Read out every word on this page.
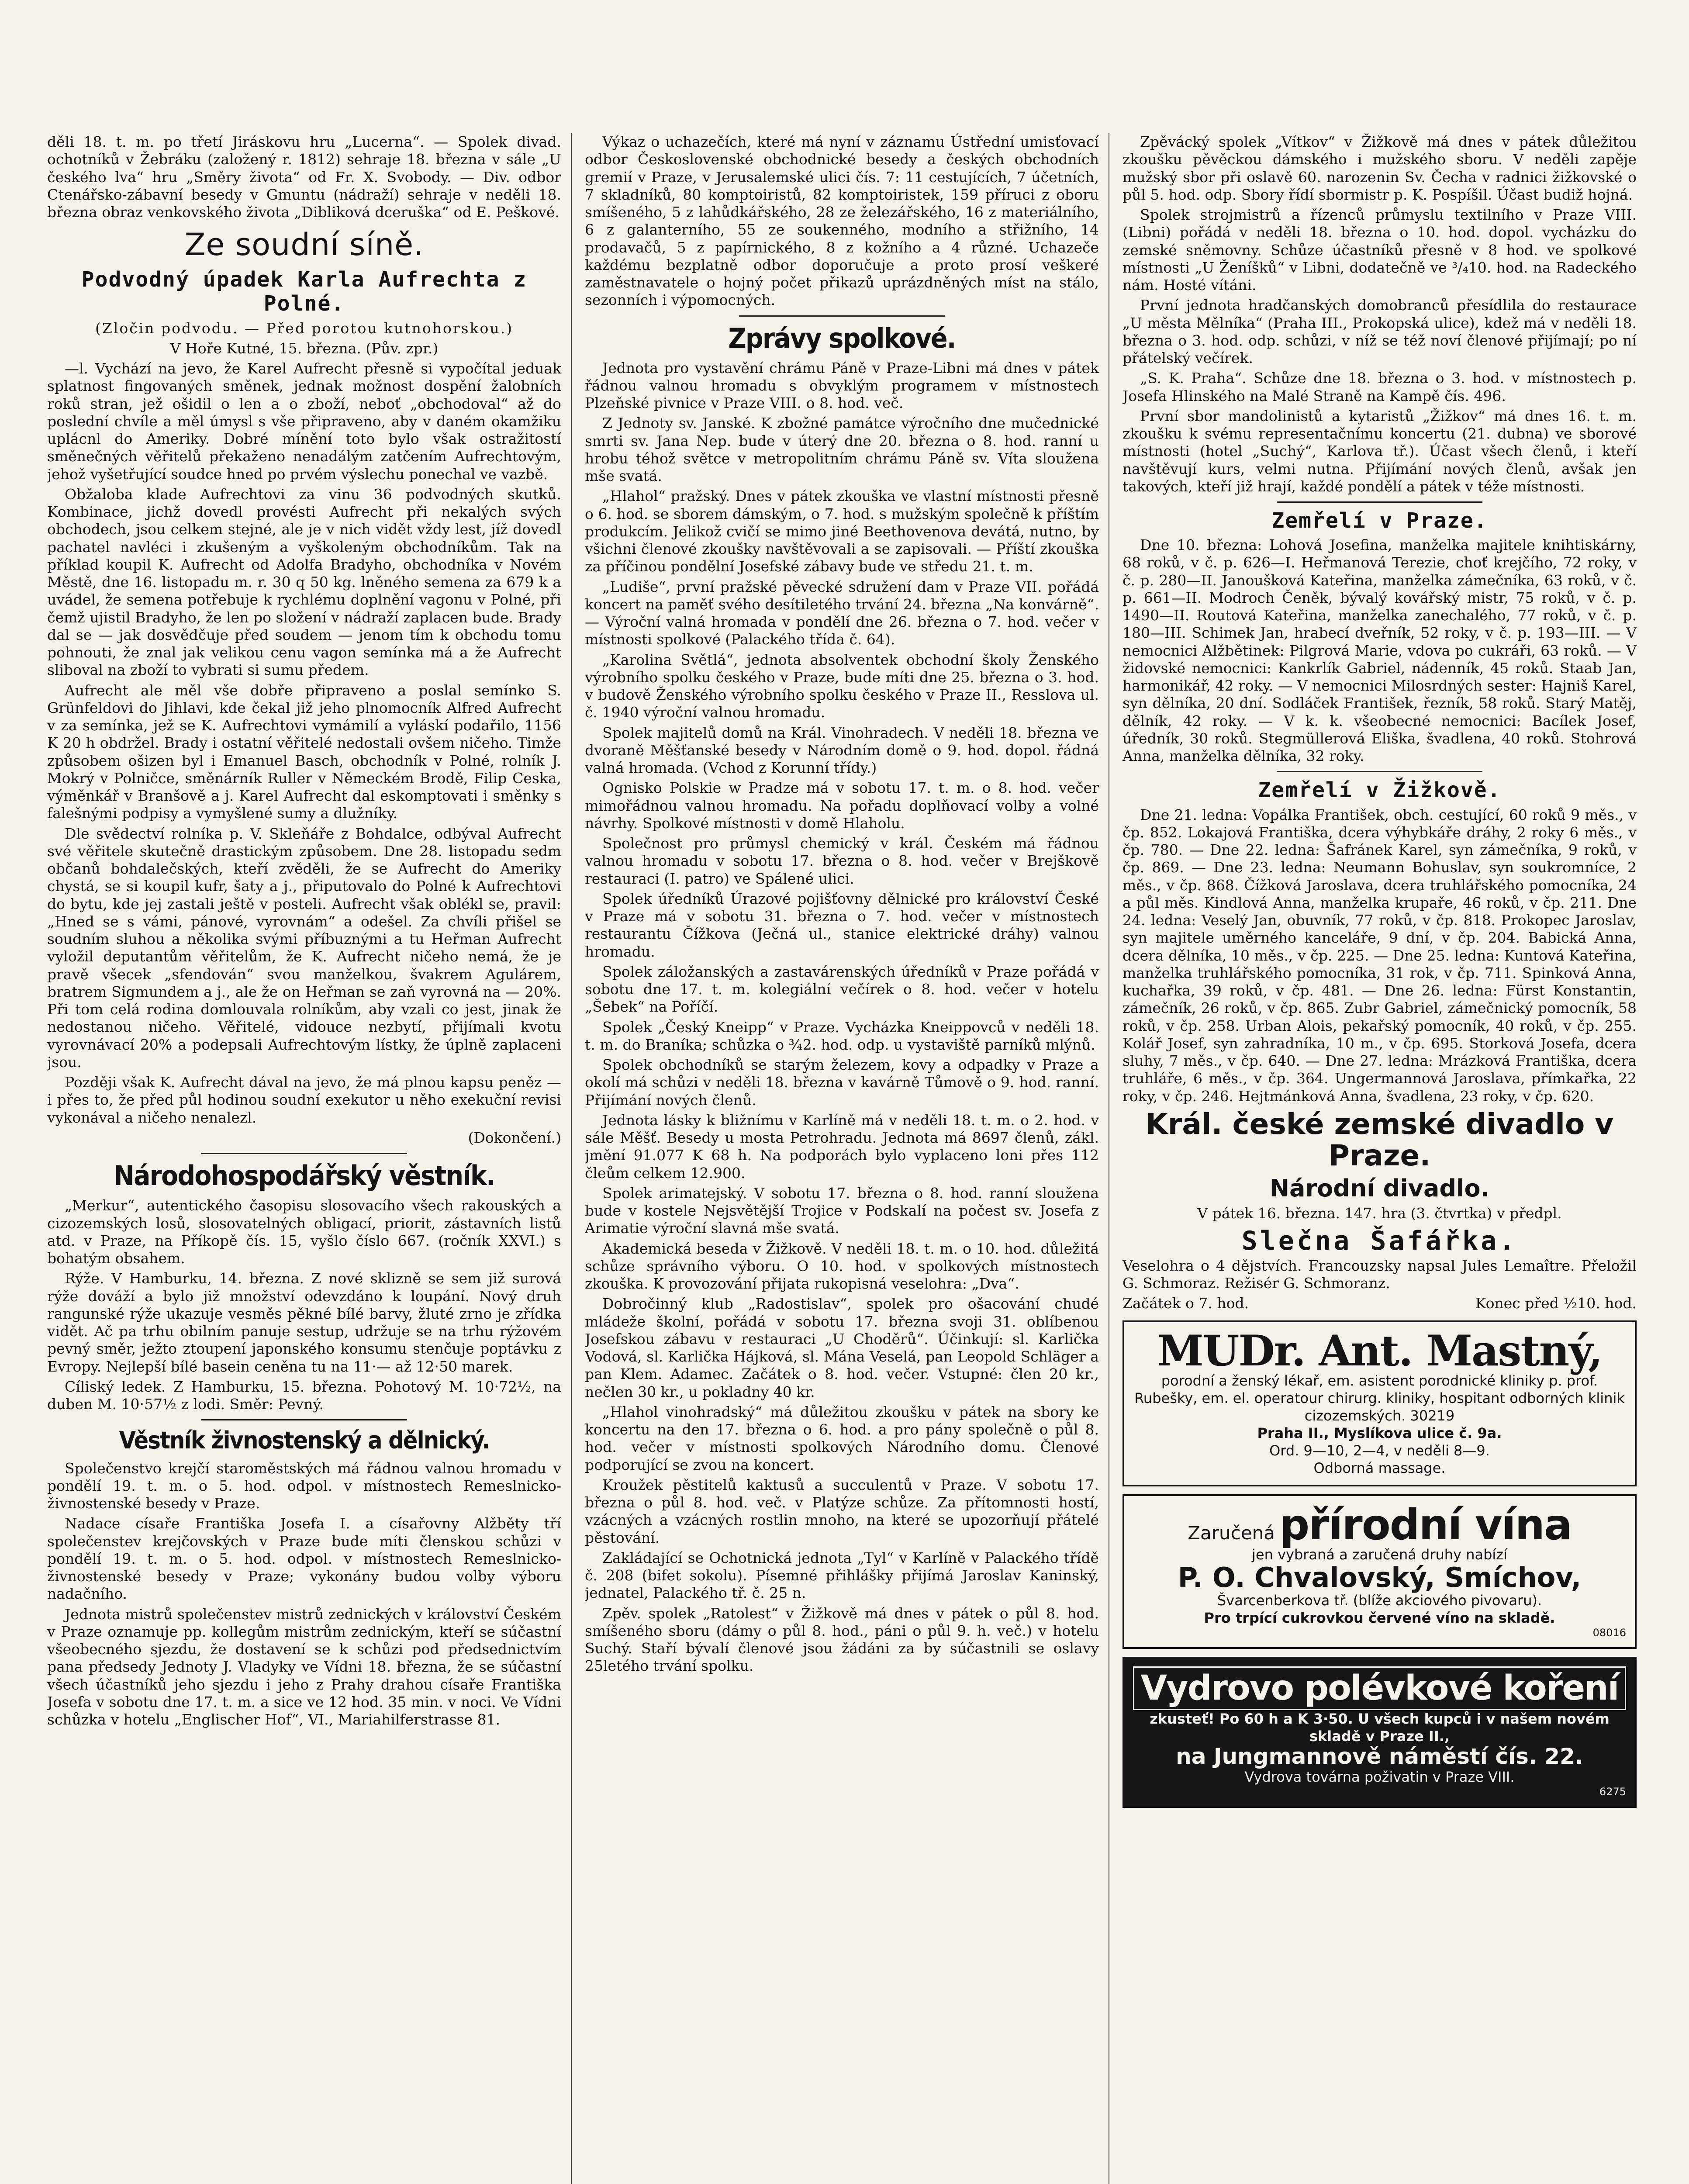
děli 18. t. m. po třetí Jiráskovu hru „Lucerna“. — Spolek divad. ochotníků v Žebráku (založený r. 1812) sehraje 18. března v sále „U českého lva“ hru „Směry života“ od Fr. X. Svobody. — Div. odbor Ctenářsko-zábavní besedy v Gmuntu (nádraží) sehraje v neděli 18. března obraz venkovského života „Dibliková dceruška“ od E. Peškové.

Ze soudní síně.
Podvodný úpadek Karla Aufrechta z Polné.

(Zločin podvodu. — Před porotou kutnohorskou.)

V Hoře Kutné, 15. března. (Pův. zpr.)

—l. Vychází na jevo, že Karel Aufrecht přesně si vypočítal jeduak splatnost fingovaných směnek, jednak možnost dospění žalobních roků stran, jež ošidil o len a o zboží, neboť „obchodoval“ až do poslední chvíle a měl úmysl s vše připraveno, aby v daném okamžiku uplácnl do Ameriky. Dobré mínění toto bylo však ostražitostí směnečných věřitelů překaženo nenadálým zatčením Aufrechtovým, jehož vyšetřující soudce hned po prvém výslechu ponechal ve vazbě.

Obžaloba klade Aufrechtovi za vinu 36 podvodných skutků. Kombinace, jichž dovedl provésti Aufrecht při nekalých svých obchodech, jsou celkem stejné, ale je v nich vidět vždy lest, jíž dovedl pachatel navléci i zkušeným a vyškoleným obchodníkům. Tak na příklad koupil K. Aufrecht od Adolfa Bradyho, obchodníka v Novém Městě, dne 16. listopadu m. r. 30 q 50 kg. lněného semena za 679 k a uvádel, že semena potřebuje k rychlému doplnění vagonu v Polné, při čemž ujistil Bradyho, že len po složení v nádraží zaplacen bude. Brady dal se — jak dosvědčuje před soudem — jenom tím k obchodu tomu pohnouti, že znal jak velikou cenu vagon semínka má a že Aufrecht sliboval na zboží to vybrati si sumu předem.

Aufrecht ale měl vše dobře připraveno a poslal semínko S. Grünfeldovi do Jihlavi, kde čekal již jeho plnomocník Alfred Aufrecht v za semínka, jež se K. Aufrechtovi vymámilí a vyláskí podařilo, 1156 K 20 h obdržel. Brady i ostatní věřitelé nedostali ovšem ničeho. Timže způsobem ošizen byl i Emanuel Basch, obchodník v Polné, rolník J. Mokrý v Polničce, směnárník Ruller v Německém Brodě, Filip Ceska, výměnkář v Branšově a j. Karel Aufrecht dal eskomptovati i směnky s falešnými podpisy a vymyšlené sumy a dlužníky.

Dle svědectví rolníka p. V. Skleňáře z Bohdalce, odbýval Aufrecht své věřitele skutečně drastickým způsobem. Dne 28. listopadu sedm občanů bohdalečských, kteří zvěděli, že se Aufrecht do Ameriky chystá, se si koupil kufr, šaty a j., připutovalo do Polné k Aufrechtovi do bytu, kde jej zastali ještě v posteli. Aufrecht však oblékl se, pravil: „Hned se s vámi, pánové, vyrovnám“ a odešel. Za chvíli přišel se soudním sluhou a několika svými příbuznými a tu Heřman Aufrecht vyložil deputantům věřitelům, že K. Aufrecht ničeho nemá, že je pravě všecek „sfendován“ svou manželkou, švakrem Agulárem, bratrem Sigmundem a j., ale že on Heřman se zaň vyrovná na — 20%. Při tom celá rodina domlouvala rolníkům, aby vzali co jest, jinak že nedostanou ničeho. Věřitelé, vidouce nezbytí, přijímali kvotu vyrovnávací 20% a podepsali Aufrechtovým lístky, že úplně zaplaceni jsou.

Později však K. Aufrecht dával na jevo, že má plnou kapsu peněz — i přes to, že před půl hodinou soudní exekutor u něho exekuční revisi vykonával a ničeho nenalezl.

(Dokončení.)

Národohospodářský věstník.

„Merkur“, autentického časopisu slosovacího všech rakouských a cizozemských losů, slosovatelných obligací, priorit, zástavních listů atd. v Praze, na Příkopě čís. 15, vyšlo číslo 667. (ročník XXVI.) s bohatým obsahem.

Rýže. V Hamburku, 14. března. Z nové sklizně se sem již surová rýže dováží a bylo již množství odevzdáno k loupání. Nový druh rangunské rýže ukazuje vesměs pěkné bílé barvy, žluté zrno je zřídka vidět. Ač pa trhu obilním panuje sestup, udržuje se na trhu rýžovém pevný směr, ježto ztoupení japonského konsumu stenčuje poptávku z Evropy. Nejlepší bílé basein ceněna tu na 11·— až 12·50 marek.

Cíliský ledek. Z Hamburku, 15. března. Pohotový M. 10·72½, na duben M. 10·57½ z lodi. Směr: Pevný.

Věstník živnostenský a dělnický.

Společenstvo krejčí staroměstských má řádnou valnou hromadu v pondělí 19. t. m. o 5. hod. odpol. v místnostech Remeslnicko-živnostenské besedy v Praze.

Nadace císaře Františka Josefa I. a císařovny Alžběty tří společenstev krejčovských v Praze bude míti členskou schůzi v pondělí 19. t. m. o 5. hod. odpol. v místnostech Remeslnicko-živnostenské besedy v Praze; vykonány budou volby výboru nadačního.

Jednota mistrů společenstev mistrů zednických v království Českém v Praze oznamuje pp. kollegům mistrům zednickým, kteří se súčastní všeobecného sjezdu, že dostavení se k schůzi pod předsednictvím pana předsedy Jednoty J. Vladyky ve Vídni 18. března, že se súčastní všech účastníků jeho sjezdu i jeho z Prahy drahou císaře Františka Josefa v sobotu dne 17. t. m. a sice ve 12 hod. 35 min. v noci. Ve Vídni schůzka v hotelu „Englischer Hof“, VI., Mariahilferstrasse 81.

Výkaz o uchazečích, které má nyní v záznamu Ústřední umisťovací odbor Československé obchodnické besedy a českých obchodních gremií v Praze, v Jerusalemské ulici čís. 7: 11 cestujících, 7 účetních, 7 skladníků, 80 komptoiristů, 82 komptoiristek, 159 příruci z oboru smíšeného, 5 z lahůdkářského, 28 ze železářského, 16 z materiálního, 6 z galanterního, 55 ze soukenného, modního a střižního, 14 prodavačů, 5 z papírnického, 8 z kožního a 4 různé. Uchazeče každému bezplatně odbor doporučuje a proto prosí veškeré zaměstnavatele o hojný počet přikazů uprázdněných míst na stálo, sezonních i výpomocných.

Zprávy spolkové.

Jednota pro vystavění chrámu Páně v Praze-Libni má dnes v pátek řádnou valnou hromadu s obvyklým programem v místnostech Plzeňské pivnice v Praze VIII. o 8. hod. več.

Z Jednoty sv. Janské. K zbožné památce výročního dne mučednické smrti sv. Jana Nep. bude v úterý dne 20. března o 8. hod. ranní u hrobu téhož světce v metropolitním chrámu Páně sv. Víta sloužena mše svatá.

„Hlahol“ pražský. Dnes v pátek zkouška ve vlastní místnosti přesně o 6. hod. se sborem dámským, o 7. hod. s mužským společně k příštím produkcím. Jelikož cvičí se mimo jiné Beethovenova devátá, nutno, by všichni členové zkoušky navštěvovali a se zapisovali. — Příští zkouška za příčinou pondělní Josefské zábavy bude ve středu 21. t. m.

„Ludiše“, první pražské pěvecké sdružení dam v Praze VII. pořádá koncert na paměť svého desítiletého trvání 24. března „Na konvárně“. — Výroční valná hromada v pondělí dne 26. března o 7. hod. večer v místnosti spolkové (Palackého třída č. 64).

„Karolina Světlá“, jednota absolventek obchodní školy Ženského výrobního spolku českého v Praze, bude míti dne 25. března o 3. hod. v budově Ženského výrobního spolku českého v Praze II., Resslova ul. č. 1940 výroční valnou hromadu.

Spolek majitelů domů na Král. Vinohradech. V neděli 18. března ve dvoraně Měšťanské besedy v Národním domě o 9. hod. dopol. řádná valná hromada. (Vchod z Korunní třídy.)

Ognisko Polskie w Pradze má v sobotu 17. t. m. o 8. hod. večer mimořádnou valnou hromadu. Na pořadu doplňovací volby a volné návrhy. Spolkové místnosti v domě Hlaholu.

Společnost pro průmysl chemický v král. Českém má řádnou valnou hromadu v sobotu 17. března o 8. hod. večer v Brejškově restauraci (I. patro) ve Spálené ulici.

Spolek úředníků Úrazové pojišťovny dělnické pro království České v Praze má v sobotu 31. března o 7. hod. večer v místnostech restaurantu Čížkova (Ječná ul., stanice elektrické dráhy) valnou hromadu.

Spolek záložanských a zastavárenských úředníků v Praze pořádá v sobotu dne 17. t. m. kolegiální večírek o 8. hod. večer v hotelu „Šebek“ na Poříčí.

Spolek „Český Kneipp“ v Praze. Vycházka Kneippovců v neděli 18. t. m. do Braníka; schůzka o ¾2. hod. odp. u vystaviště parníků mlýnů.

Spolek obchodníků se starým železem, kovy a odpadky v Praze a okolí má schůzi v neděli 18. března v kavárně Tůmově o 9. hod. ranní. Přijímání nových členů.

Jednota lásky k bližnímu v Karlíně má v neděli 18. t. m. o 2. hod. v sále Měšť. Besedy u mosta Petrohradu. Jednota má 8697 členů, zákl. jmění 91.077 K 68 h. Na podporách bylo vyplaceno loni přes 112 čleům celkem 12.900.

Spolek arimatejský. V sobotu 17. března o 8. hod. ranní sloužena bude v kostele Nejsvětější Trojice v Podskalí na počest sv. Josefa z Arimatie výroční slavná mše svatá.

Akademická beseda v Žižkově. V neděli 18. t. m. o 10. hod. důležitá schůze správního výboru. O 10. hod. v spolkových místnostech zkouška. K provozování přijata rukopisná veselohra: „Dva“.

Dobročinný klub „Radostislav“, spolek pro ošacování chudé mládeže školní, pořádá v sobotu 17. března svoji 31. oblíbenou Josefskou zábavu v restauraci „U Choděrů“. Účinkují: sl. Karlička Vodová, sl. Karlička Hájková, sl. Mána Veselá, pan Leopold Schläger a pan Klem. Adamec. Začátek o 8. hod. večer. Vstupné: člen 20 kr., nečlen 30 kr., u pokladny 40 kr.

„Hlahol vinohradský“ má důležitou zkoušku v pátek na sbory ke koncertu na den 17. března o 6. hod. a pro pány společně o půl 8. hod. večer v místnosti spolkových Národního domu. Členové podporující se zvou na koncert.

Kroužek pěstitelů kaktusů a succulentů v Praze. V sobotu 17. března o půl 8. hod. več. v Platýze schůze. Za přítomnosti hostí, vzácných a vzácných rostlin mnoho, na které se upozorňují přátelé pěstování.

Zakládající se Ochotnická jednota „Tyl“ v Karlíně v Palackého třídě č. 208 (bifet sokolu). Písemné přihlášky přijímá Jaroslav Kaninský, jednatel, Palackého tř. č. 25 n.

Zpěv. spolek „Ratolest“ v Žižkově má dnes v pátek o půl 8. hod. smíšeného sboru (dámy o půl 8. hod., páni o půl 9. h. več.) v hotelu Suchý. Staří bývalí členové jsou žádáni za by súčastnili se oslavy 25letého trvání spolku.

Zpěvácký spolek „Vítkov“ v Žižkově má dnes v pátek důležitou zkoušku pěvěckou dámského i mužského sboru. V neděli zapěje mužský sbor při oslavě 60. narozenin Sv. Čecha v radnici žižkovské o půl 5. hod. odp. Sbory řídí sbormistr p. K. Pospíšil. Účast budiž hojná.

Spolek strojmistrů a řízenců průmyslu textilního v Praze VIII. (Libni) pořádá v neděli 18. března o 10. hod. dopol. vycházku do zemské sněmovny. Schůze účastníků přesně v 8 hod. ve spolkové místnosti „U Ženíšků“ v Libni, dodatečně ve ³/₄10. hod. na Radeckého nám. Hosté vítáni.

První jednota hradčanských domobranců přesídlila do restaurace „U města Mělníka“ (Praha III., Prokopská ulice), kdež má v neděli 18. března o 3. hod. odp. schůzi, v níž se též noví členové přijímají; po ní přátelský večírek.

„S. K. Praha“. Schůze dne 18. března o 3. hod. v místnostech p. Josefa Hlinského na Malé Straně na Kampě čís. 496.

První sbor mandolinistů a kytaristů „Žižkov“ má dnes 16. t. m. zkoušku k svému representačnímu koncertu (21. dubna) ve sborové místnosti (hotel „Suchý“, Karlova tř.). Účast všech členů, i kteří navštěvují kurs, velmi nutna. Přijímání nových členů, avšak jen takových, kteří již hrají, každé pondělí a pátek v téže místnosti.

Zemřelí v Praze.

Dne 10. března: Lohová Josefina, manželka majitele knihtiskárny, 68 roků, v č. p. 626—I. Heřmanová Terezie, choť krejčího, 72 roky, v č. p. 280—II. Janoušková Kateřina, manželka zámečníka, 63 roků, v č. p. 661—II. Modroch Čeněk, bývalý kovářský mistr, 75 roků, v č. p. 1490—II. Routová Kateřina, manželka zanechalého, 77 roků, v č. p. 180—III. Schimek Jan, hrabecí dveřník, 52 roky, v č. p. 193—III. — V nemocnici Alžbětinek: Pilgrová Marie, vdova po cukráři, 63 roků. — V židovské nemocnici: Kankrlík Gabriel, nádenník, 45 roků. Staab Jan, harmonikář, 42 roky. — V nemocnici Milosrdných sester: Hajniš Karel, syn dělníka, 20 dní. Sodláček František, řezník, 58 roků. Starý Matěj, dělník, 42 roky. — V k. k. všeobecné nemocnici: Bacílek Josef, úředník, 30 roků. Stegmüllerová Eliška, švadlena, 40 roků. Stohrová Anna, manželka dělníka, 32 roky.

Zemřelí v Žižkově.

Dne 21. ledna: Vopálka František, obch. cestující, 60 roků 9 měs., v čp. 852. Lokajová Františka, dcera výhybkáře dráhy, 2 roky 6 měs., v čp. 780. — Dne 22. ledna: Šafránek Karel, syn zámečníka, 9 roků, v čp. 869. — Dne 23. ledna: Neumann Bohuslav, syn soukromníce, 2 měs., v čp. 868. Čížková Jaroslava, dcera truhlářského pomocníka, 24 a půl měs. Kindlová Anna, manželka krupaře, 46 roků, v čp. 211. Dne 24. ledna: Veselý Jan, obuvník, 77 roků, v čp. 818. Prokopec Jaroslav, syn majitele uměrného kanceláře, 9 dní, v čp. 204. Babická Anna, dcera dělníka, 10 měs., v čp. 225. — Dne 25. ledna: Kuntová Kateřina, manželka truhlářského pomocníka, 31 rok, v čp. 711. Spinková Anna, kuchařka, 39 roků, v čp. 481. — Dne 26. ledna: Fürst Konstantin, zámečník, 26 roků, v čp. 865. Zubr Gabriel, zámečnický pomocník, 58 roků, v čp. 258. Urban Alois, pekařský pomocník, 40 roků, v čp. 255. Kolář Josef, syn zahradníka, 10 m., v čp. 695. Storková Josefa, dcera sluhy, 7 měs., v čp. 640. — Dne 27. ledna: Mrázková Františka, dcera truhláře, 6 měs., v čp. 364. Ungermannová Jaroslava, přímkařka, 22 roky, v čp. 246. Hejtmánková Anna, švadlena, 23 roky, v čp. 620.

Král. české zemské divadlo v Praze.
Národní divadlo.

V pátek 16. března. 147. hra (3. čtvrtka) v předpl.

Slečna Šafářka.

Veselohra o 4 dějstvích. Francouzsky napsal Jules Lemaître. Přeložil G. Schmoraz. Režisér G. Schmoranz.

Začátek o 7. hod.	Konec před ½10. hod.
MUDr. Ant. Mastný,
porodní a ženský lékař, em. asistent porodnické kliniky p. prof. Rubešky, em. el. operatour chirurg. kliniky, hospitant odborných klinik cizozemských. 30219
Praha II., Myslíkova ulice č. 9a.
Ord. 9—10, 2—4, v neděli 8—9.
Odborná massage.
Zaručená přírodní vína
jen vybraná a zaručená druhy nabízí
P. O. Chvalovský, Smíchov,
Švarcenberkova tř. (blíže akciového pivovaru).
Pro trpící cukrovkou červené víno na skladě.
08016
Vydrovo polévkové koření
zkusteť! Po 60 h a K 3·50. U všech kupců i v našem novém skladě v Praze II.,
na Jungmannově náměstí čís. 22.
Vydrova továrna poživatin v Praze VIII.
6275
